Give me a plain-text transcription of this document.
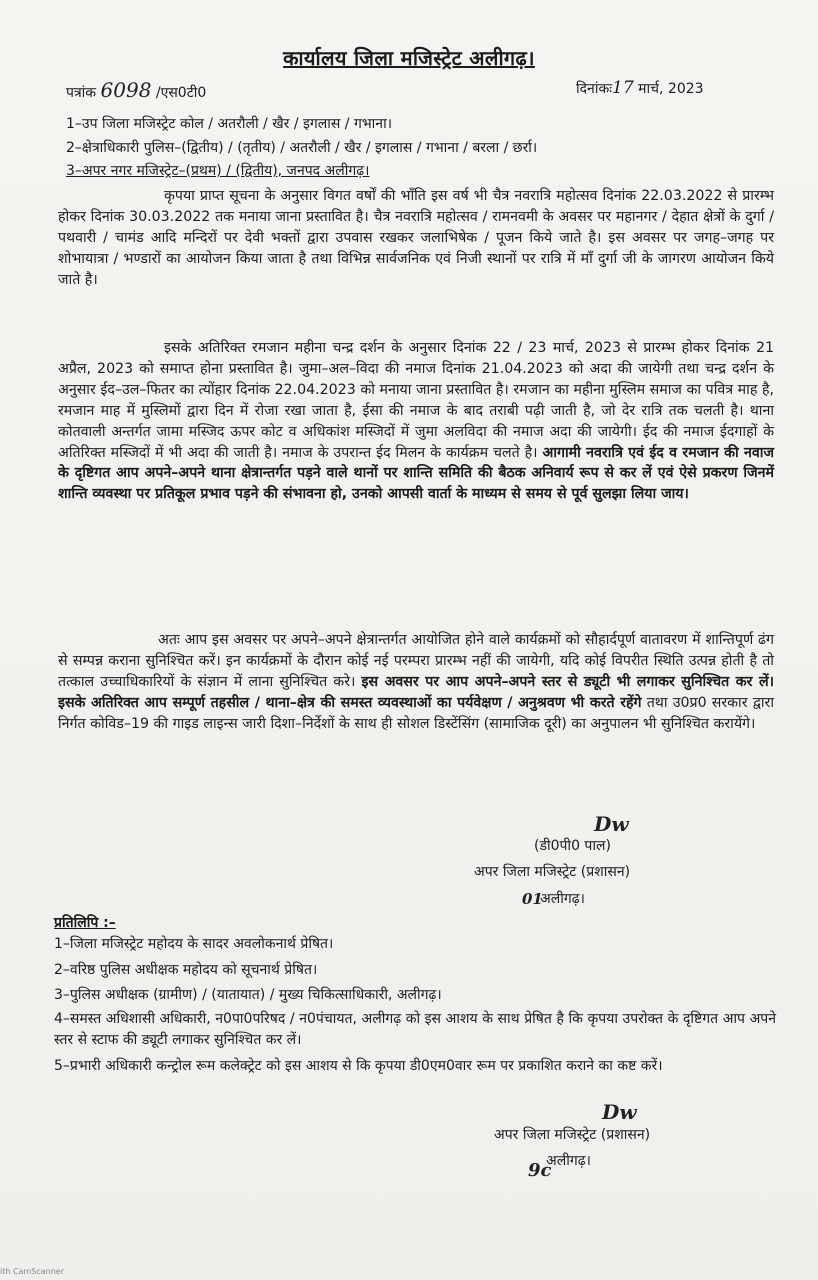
कार्यालय जिला मजिस्ट्रेट अलीगढ़।
पत्रांक 6098 /एस0टी0	दिनांकः17 मार्च, 2023
1–उप जिला मजिस्ट्रेट कोल / अतरौली / खैर / इगलास / गभाना।
2–क्षेत्राधिकारी पुलिस–(द्वितीय) / (तृतीय) / अतरौली / खैर / इगलास / गभाना / बरला / छर्रा।
3–अपर नगर मजिस्ट्रेट–(प्रथम) / (द्वितीय), जनपद अलीगढ़।
कृपया प्राप्त सूचना के अनुसार विगत वर्षों की भाँति इस वर्ष भी चैत्र नवरात्रि महोत्सव दिनांक 22.03.2022 से प्रारम्भ होकर दिनांक 30.03.2022 तक मनाया जाना प्रस्तावित है। चैत्र नवरात्रि महोत्सव / रामनवमी के अवसर पर महानगर / देहात क्षेत्रों के दुर्गा / पथवारी / चामंड आदि मन्दिरों पर देवी भक्तों द्वारा उपवास रखकर जलाभिषेक / पूजन किये जाते है। इस अवसर पर जगह–जगह पर शोभायात्रा / भण्डारों का आयोजन किया जाता है तथा विभिन्न सार्वजनिक एवं निजी स्थानों पर रात्रि में माँ दुर्गा जी के जागरण आयोजन किये जाते है।
इसके अतिरिक्त रमजान महीना चन्द्र दर्शन के अनुसार दिनांक 22 / 23 मार्च, 2023 से प्रारम्भ होकर दिनांक 21 अप्रैल, 2023 को समाप्त होना प्रस्तावित है। जुमा–अल–विदा की नमाज दिनांक 21.04.2023 को अदा की जायेगी तथा चन्द्र दर्शन के अनुसार ईद–उल–फितर का त्योंहार दिनांक 22.04.2023 को मनाया जाना प्रस्तावित है। रमजान का महीना मुस्लिम समाज का पवित्र माह है, रमजान माह में मुस्लिमों द्वारा दिन में रोजा रखा जाता है, ईसा की नमाज के बाद तराबी पढ़ी जाती है, जो देर रात्रि तक चलती है। थाना कोतवाली अन्तर्गत जामा मस्जिद ऊपर कोट व अधिकांश मस्जिदों में जुमा अलविदा की नमाज अदा की जायेगी। ईद की नमाज ईदगाहों के अतिरिक्त मस्जिदों में भी अदा की जाती है। नमाज के उपरान्त ईद मिलन के कार्यक्रम चलते है। आगामी नवरात्रि एवं ईद व रमजान की नवाज के दृष्टिगत आप अपने–अपने थाना क्षेत्रान्तर्गत पड़ने वाले थानों पर शान्ति समिति की बैठक अनिवार्य रूप से कर लें एवं ऐसे प्रकरण जिनमें शान्ति व्यवस्था पर प्रतिकूल प्रभाव पड़ने की संभावना हो, उनको आपसी वार्ता के माध्यम से समय से पूर्व सुलझा लिया जाय।
अतः आप इस अवसर पर अपने–अपने क्षेत्रान्तर्गत आयोजित होने वाले कार्यक्रमों को सौहार्दपूर्ण वातावरण में शान्तिपूर्ण ढंग से सम्पन्न कराना सुनिश्चित करें। इन कार्यक्रमों के दौरान कोई नई परम्परा प्रारम्भ नहीं की जायेगी, यदि कोई विपरीत स्थिति उत्पन्न होती है तो तत्काल उच्चाधिकारियों के संज्ञान में लाना सुनिश्चित करे। इस अवसर पर आप अपने–अपने स्तर से ड्यूटी भी लगाकर सुनिश्चित कर लें। इसके अतिरिक्त आप सम्पूर्ण तहसील / थाना–क्षेत्र की समस्त व्यवस्थाओं का पर्यवेक्षण / अनुश्रवण भी करते रहेंगे तथा उ0प्र0 सरकार द्वारा निर्गत कोविड–19 की गाइड लाइन्स जारी दिशा–निर्देशों के साथ ही सोशल डिस्टेंसिंग (सामाजिक दूरी) का अनुपालन भी सुनिश्चित करायेंगे।
Dw
(डी0पी0 पाल)
अपर जिला मजिस्ट्रेट (प्रशासन)
01
अलीगढ़।
प्रतिलिपि :–
1–जिला मजिस्ट्रेट महोदय के सादर अवलोकनार्थ प्रेषित।
2–वरिष्ठ पुलिस अधीक्षक महोदय को सूचनार्थ प्रेषित।
3–पुलिस अधीक्षक (ग्रामीण) / (यातायात) / मुख्य चिकित्साधिकारी, अलीगढ़।
4–समस्त अधिशासी अधिकारी, न0पा0परिषद / न0पंचायत, अलीगढ़ को इस आशय के साथ प्रेषित है कि कृपया उपरोक्त के दृष्टिगत आप अपने स्तर से स्टाफ की ड्यूटी लगाकर सुनिश्चित कर लें।
5–प्रभारी अधिकारी कन्ट्रोल रूम कलेक्ट्रेट को इस आशय से कि कृपया डी0एम0वार रूम पर प्रकाशित कराने का कष्ट करें।
Dw
अपर जिला मजिस्ट्रेट (प्रशासन)
अलीगढ़।
9c
ith CamScanner
